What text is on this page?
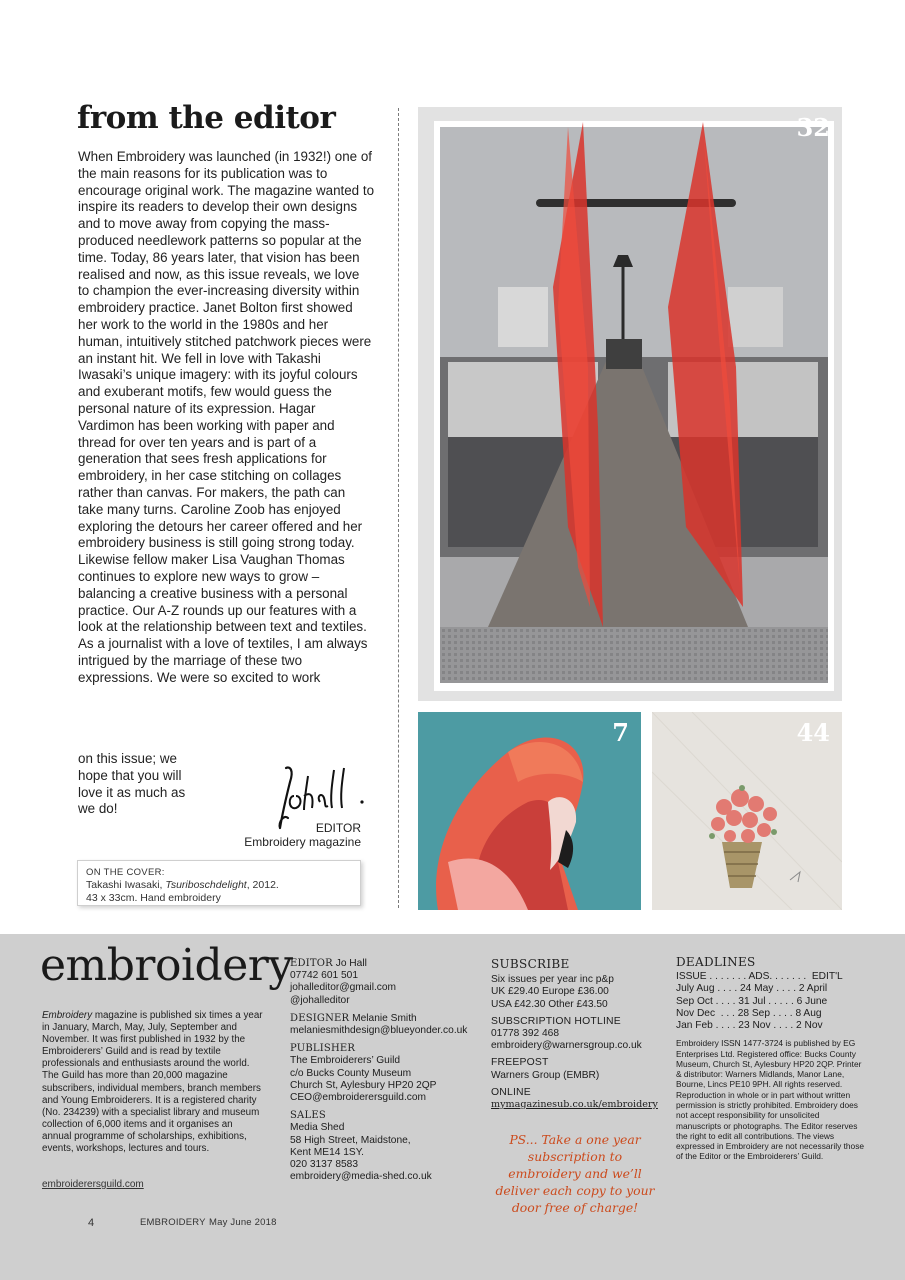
from the editor

When Embroidery was launched (in 1932!) one of the main reasons for its publication was to encourage original work. The magazine wanted to inspire its readers to develop their own designs and to move away from copying the mass-produced needlework patterns so popular at the time. Today, 86 years later, that vision has been realised and now, as this issue reveals, we love to champion the ever-increasing diversity within embroidery practice. Janet Bolton first showed her work to the world in the 1980s and her human, intuitively stitched patchwork pieces were an instant hit. We fell in love with Takashi Iwasaki’s unique imagery: with its joyful colours and exuberant motifs, few would guess the personal nature of its expression. Hagar Vardimon has been working with paper and thread for over ten years and is part of a generation that sees fresh applications for embroidery, in her case stitching on collages rather than canvas. For makers, the path can take many turns. Caroline Zoob has enjoyed exploring the detours her career offered and her embroidery business is still going strong today. Likewise fellow maker Lisa Vaughan Thomas continues to explore new ways to grow – balancing a creative business with a personal practice. Our A-Z rounds up our features with a look at the relationship between text and textiles. As a journalist with a love of textiles, I am always intrigued by the marriage of these two expressions. We were so excited to work

on this issue; we
hope that you will
love it as much as
we do!
EDITOR
Embroidery magazine
ON THE COVER:
Takashi Iwasaki, Tsuriboschdelight, 2012.
43 x 33cm. Hand embroidery
32
7	44
embroidery

Embroidery magazine is published six times a year in January, March, May, July, September and November. It was first published in 1932 by the Embroiderers’ Guild and is read by textile professionals and enthusiasts around the world. The Guild has more than 20,000 magazine subscribers, individual members, branch members and Young Embroiderers. It is a registered charity (No. 234239) with a specialist library and museum collection of 6,000 items and it organises an annual programme of scholarships, exhibitions, events, workshops, lectures and tours.

embroiderersguild.com

EDITOR Jo Hall

07742 601 501

johalleditor@gmail.com

@johalleditor

DESIGNER Melanie Smith

melaniesmithdesign@blueyonder.co.uk

PUBLISHER

The Embroiderers’ Guild

c/o Bucks County Museum

Church St, Aylesbury HP20 2QP

CEO@embroiderersguild.com

SALES

Media Shed

58 High Street, Maidstone,

Kent ME14 1SY.

020 3137 8583

embroidery@media-shed.co.uk

SUBSCRIBE

Six issues per year inc p&p

UK £29.40 Europe £36.00

USA £42.30 Other £43.50

SUBSCRIPTION HOTLINE

01778 392 468

embroidery@warnersgroup.co.uk

FREEPOST

Warners Group (EMBR)

ONLINE

mymagazinesub.co.uk/embroidery

PS... Take a one year subscription to embroidery and we’ll deliver each copy to your door free of charge!

DEADLINES

ISSUE . . . . . . . ADS. . . . . . .  EDIT'L

July Aug . . . . 24 May . . . . 2 April

Sep Oct . . . . 31 Jul . . . . . 6 June

Nov Dec  . . . 28 Sep . . . . 8 Aug

Jan Feb . . . . 23 Nov . . . . 2 Nov

Embroidery ISSN 1477-3724 is published by EG Enterprises Ltd. Registered office: Bucks County Museum, Church St, Aylesbury HP20 2QP. Printer & distributor: Warners Midlands, Manor Lane, Bourne, Lincs PE10 9PH. All rights reserved. Reproduction in whole or in part without written permission is strictly prohibited. Embroidery does not accept responsibility for unsolicited manuscripts or photographs. The Editor reserves the right to edit all contributions. The views expressed in Embroidery are not necessarily those of the Editor or the Embroiderers’ Guild.

4	EMBROIDERY May June 2018
